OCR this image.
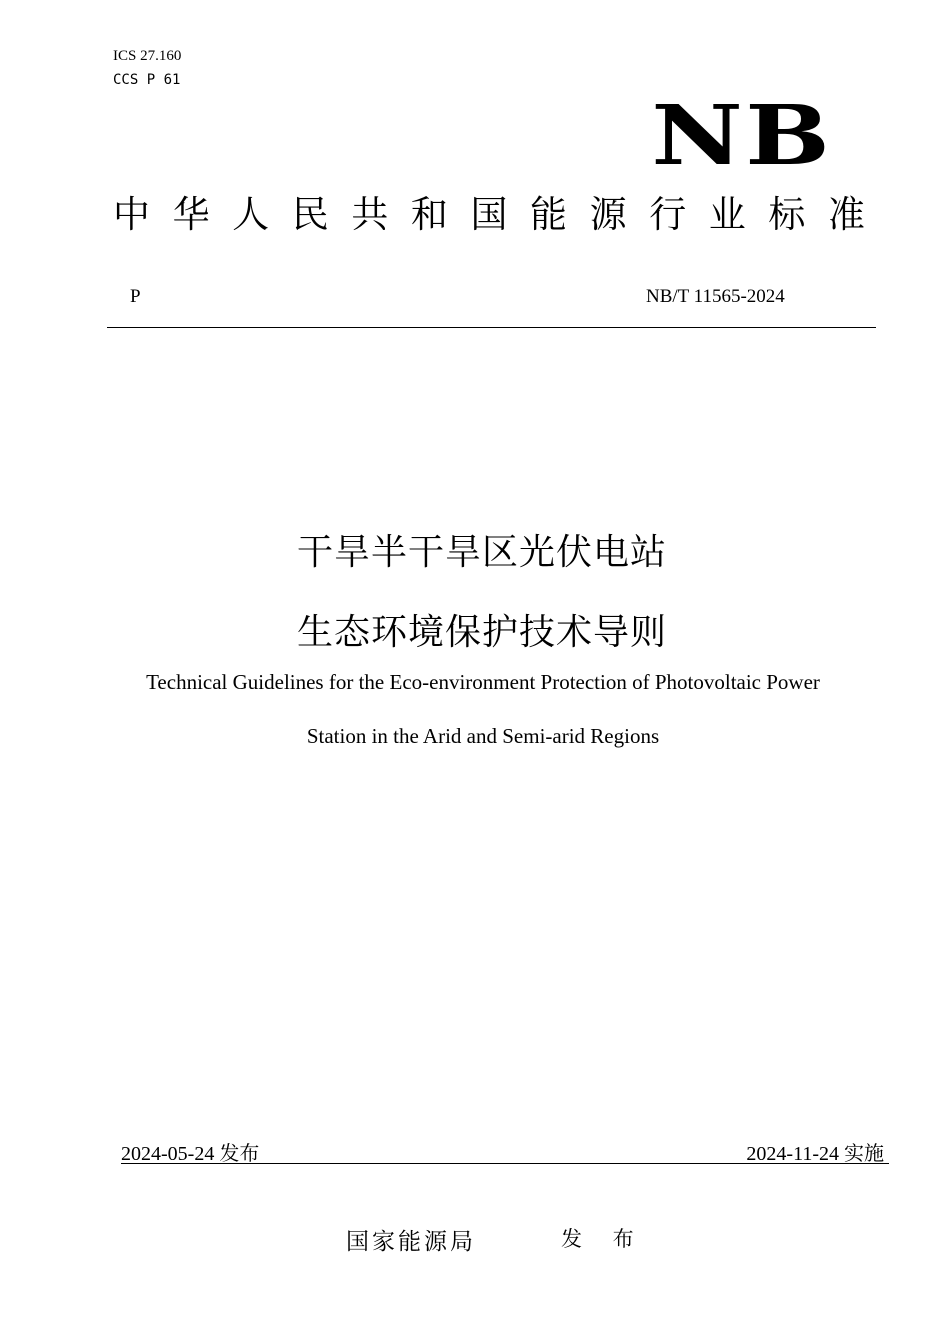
ICS 27.160
CCS P 61
NB
中 华 人 民 共 和 国 能 源 行 业 标 准
P	NB/T 11565-2024
干旱半干旱区光伏电站
生态环境保护技术导则
Technical Guidelines for the Eco-environment Protection of Photovoltaic Power
Station in the Arid and Semi-arid Regions
2024-05-24 发布	2024-11-24 实施
国家能源局	发 布
